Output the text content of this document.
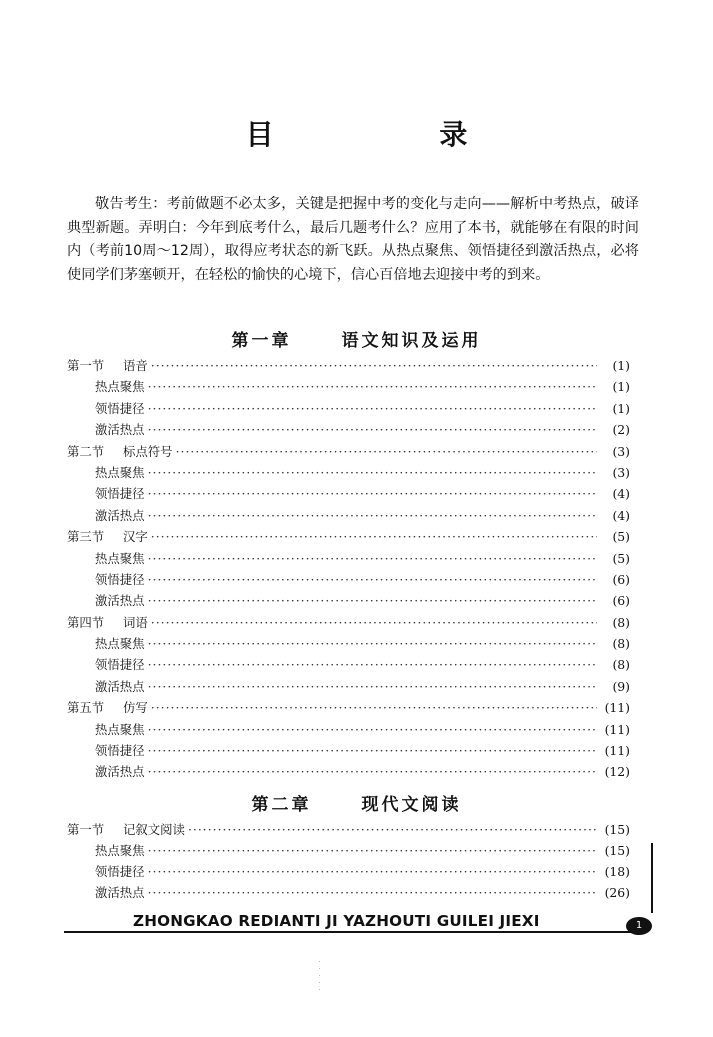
目 录

敬告考生：考前做题不必太多，关键是把握中考的变化与走向——解析中考热点，破译典型新题。弄明白：今年到底考什么，最后几题考什么？应用了本书，就能够在有限的时间内（考前10周～12周），取得应考状态的新飞跃。从热点聚焦、领悟捷径到激活热点，必将使同学们茅塞顿开，在轻松的愉快的心境下，信心百倍地去迎接中考的到来。

第一章	语文知识及运用
第一节	语音 ·····	(1)
热点聚焦 ·····	(1)
领悟捷径 ·····	(1)
激活热点 ·····	(2)
第二节	标点符号 ·····	(3)
热点聚焦 ·····	(3)
领悟捷径 ·····	(4)
激活热点 ·····	(4)
第三节	汉字 ·····	(5)
热点聚焦 ·····	(5)
领悟捷径 ·····	(6)
激活热点 ·····	(6)
第四节	词语 ·····	(8)
热点聚焦 ·····	(8)
领悟捷径 ·····	(8)
激活热点 ·····	(9)
第五节	仿写 ·····	(11)
热点聚焦 ·····	(11)
领悟捷径 ·····	(11)
激活热点 ·····	(12)
第二章	现代文阅读
第一节	记叙文阅读 ·····	(15)
热点聚焦 ·····	(15)
领悟捷径 ·····	(18)
激活热点 ·····	(26)
ZHONGKAO REDIANTI JI YAZHOUTI GUILEI JIEXI	1
